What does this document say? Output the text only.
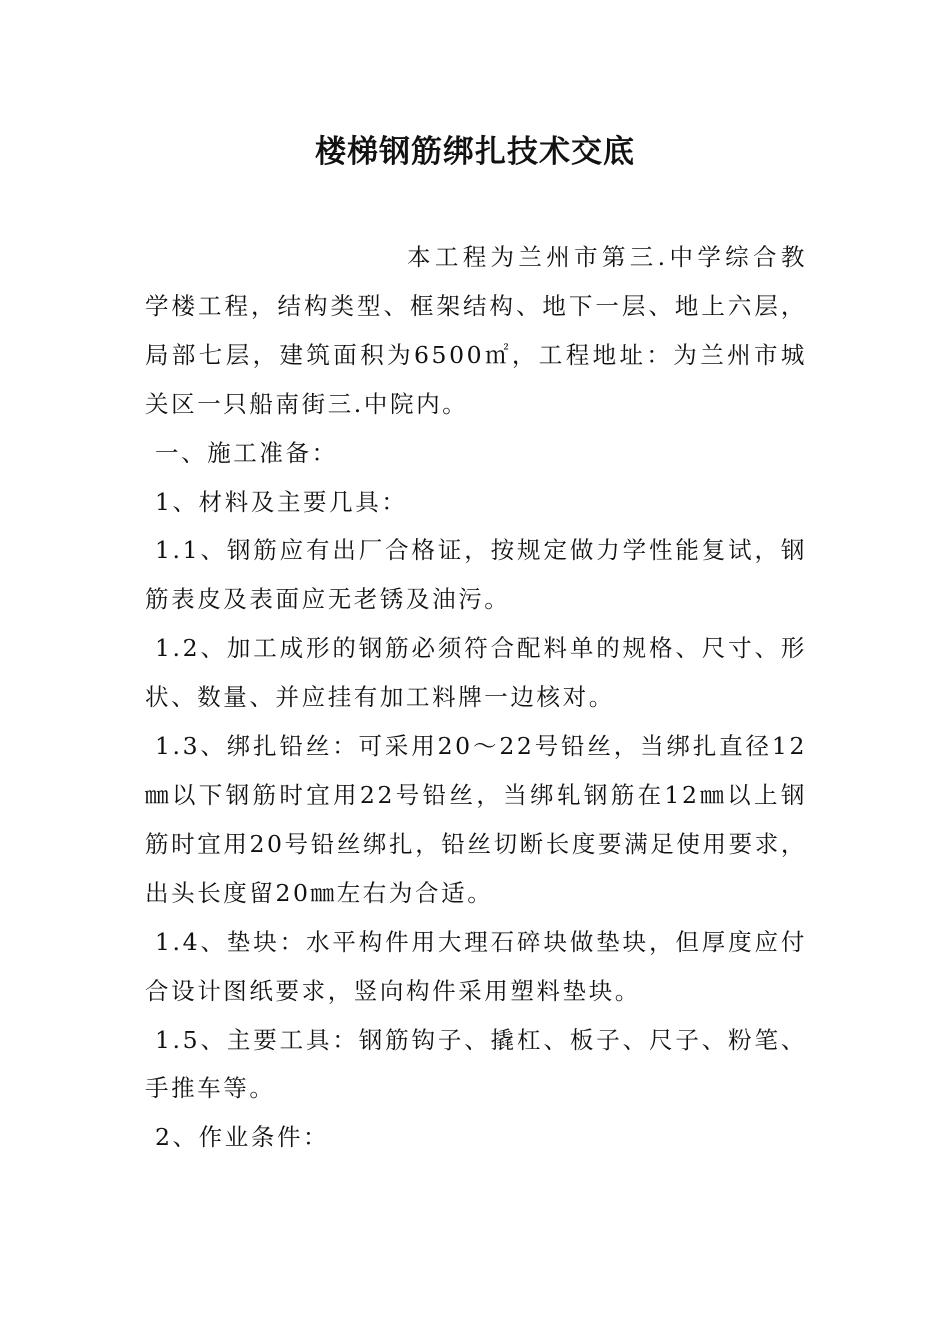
楼梯钢筋绑扎技术交底

本工程为兰州市第三.中学综合教学楼工程，结构类型、框架结构、地下一层、地上六层，局部七层，建筑面积为6500㎡，工程地址：为兰州市城关区一只船南街三.中院内。

一、施工准备：

1、材料及主要几具：

1.1、钢筋应有出厂合格证，按规定做力学性能复试，钢筋表皮及表面应无老锈及油污。

1.2、加工成形的钢筋必须符合配料单的规格、尺寸、形状、数量、并应挂有加工料牌一边核对。

1.3、绑扎铅丝：可采用20～22号铅丝，当绑扎直径12㎜以下钢筋时宜用22号铅丝，当绑轧钢筋在12㎜以上钢筋时宜用20号铅丝绑扎，铅丝切断长度要满足使用要求，出头长度留20㎜左右为合适。

1.4、垫块：水平构件用大理石碎块做垫块，但厚度应付合设计图纸要求，竖向构件采用塑料垫块。

1.5、主要工具：钢筋钩子、撬杠、板子、尺子、粉笔、手推车等。

2、作业条件：
